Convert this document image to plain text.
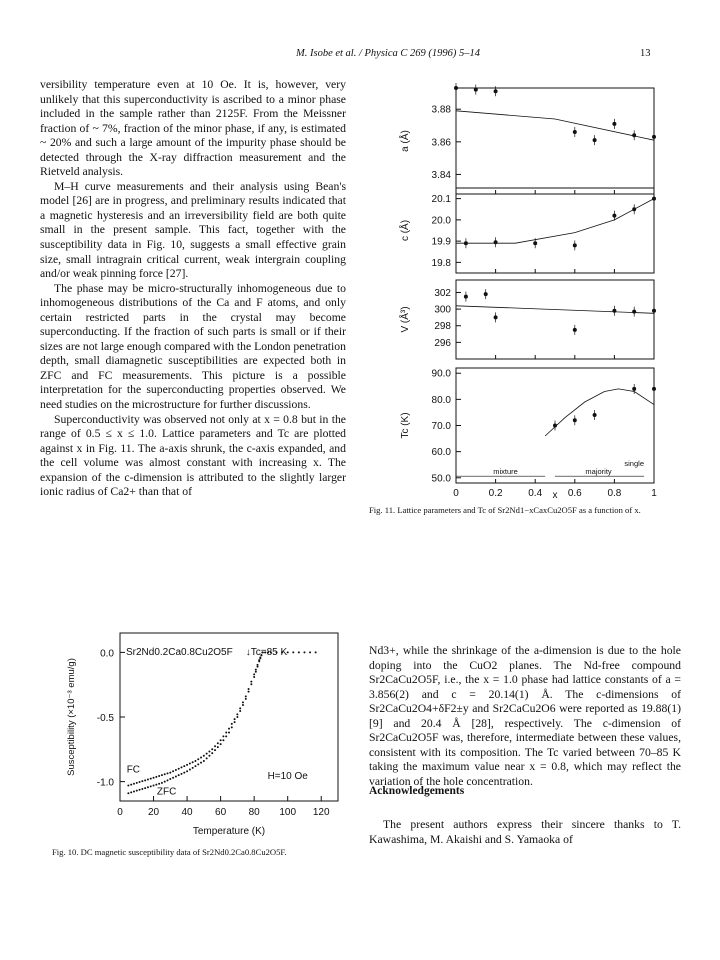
M. Isobe et al. / Physica C 269 (1996) 5–14	13

versibility temperature even at 10 Oe. It is, however, very unlikely that this superconductivity is ascribed to a minor phase included in the sample rather than 2125F. From the Meissner fraction of ~ 7%, fraction of the minor phase, if any, is estimated ~ 20% and such a large amount of the impurity phase should be detected through the X-ray diffraction measurement and the Rietveld analysis.

M–H curve measurements and their analysis using Bean's model [26] are in progress, and preliminary results indicated that a magnetic hysteresis and an irreversibility field are both quite small in the present sample. This fact, together with the susceptibility data in Fig. 10, suggests a small effective grain size, small intragrain critical current, weak intergrain coupling and/or weak pinning force [27].

The phase may be micro-structurally inhomogeneous due to inhomogeneous distributions of the Ca and F atoms, and only certain restricted parts in the crystal may become superconducting. If the fraction of such parts is small or if their sizes are not large enough compared with the London penetration depth, small diamagnetic susceptibilities are expected both in ZFC and FC measurements. This picture is a possible interpretation for the superconducting properties observed. We need studies on the microstructure for further discussions.

Superconductivity was observed not only at x = 0.8 but in the range of 0.5 ≤ x ≤ 1.0. Lattice parameters and Tc are plotted against x in Fig. 11. The a-axis shrunk, the c-axis expanded, and the cell volume was almost constant with increasing x. The expansion of the c-dimension is attributed to the slightly larger ionic radius of Ca2+ than that of

0	20 40 60 80 100 120
0.0
-0.5
-1.0
Temperature (K)
Susceptibility (×10⁻³ emu/g)
Sr2Nd0.2Ca0.8Cu2O5F ↓Tc=85 K
H=10 Oe
FC
ZFC
Fig. 10. DC magnetic susceptibility data of Sr2Nd0.2Ca0.8Cu2O5F.
3.88
3.86
3.84
a (Å)
20.1
20.0
19.9
19.8
c (Å)
302
300
298
296
V (Å³)
90.0
80.0
70.0
60.0
50.0
Tc (K)
0	0.2	0.4	0.6	0.8	1
mixture	majority
single
x
Fig. 11. Lattice parameters and Tc of Sr2Nd1−xCaxCu2O5F as a function of x.

Nd3+, while the shrinkage of the a-dimension is due to the hole doping into the CuO2 planes. The Nd-free compound Sr2CaCu2O5F, i.e., the x = 1.0 phase had lattice constants of a = 3.856(2) and c = 20.14(1) Å. The c-dimensions of Sr2CaCu2O4+δF2±y and Sr2CaCu2O6 were reported as 19.88(1) [9] and 20.4 Å [28], respectively. The c-dimension of Sr2CaCu2O5F was, therefore, intermediate between these values, consistent with its composition. The Tc varied between 70–85 K taking the maximum value near x = 0.8, which may reflect the variation of the hole concentration.

Acknowledgements

The present authors express their sincere thanks to T. Kawashima, M. Akaishi and S. Yamaoka of
